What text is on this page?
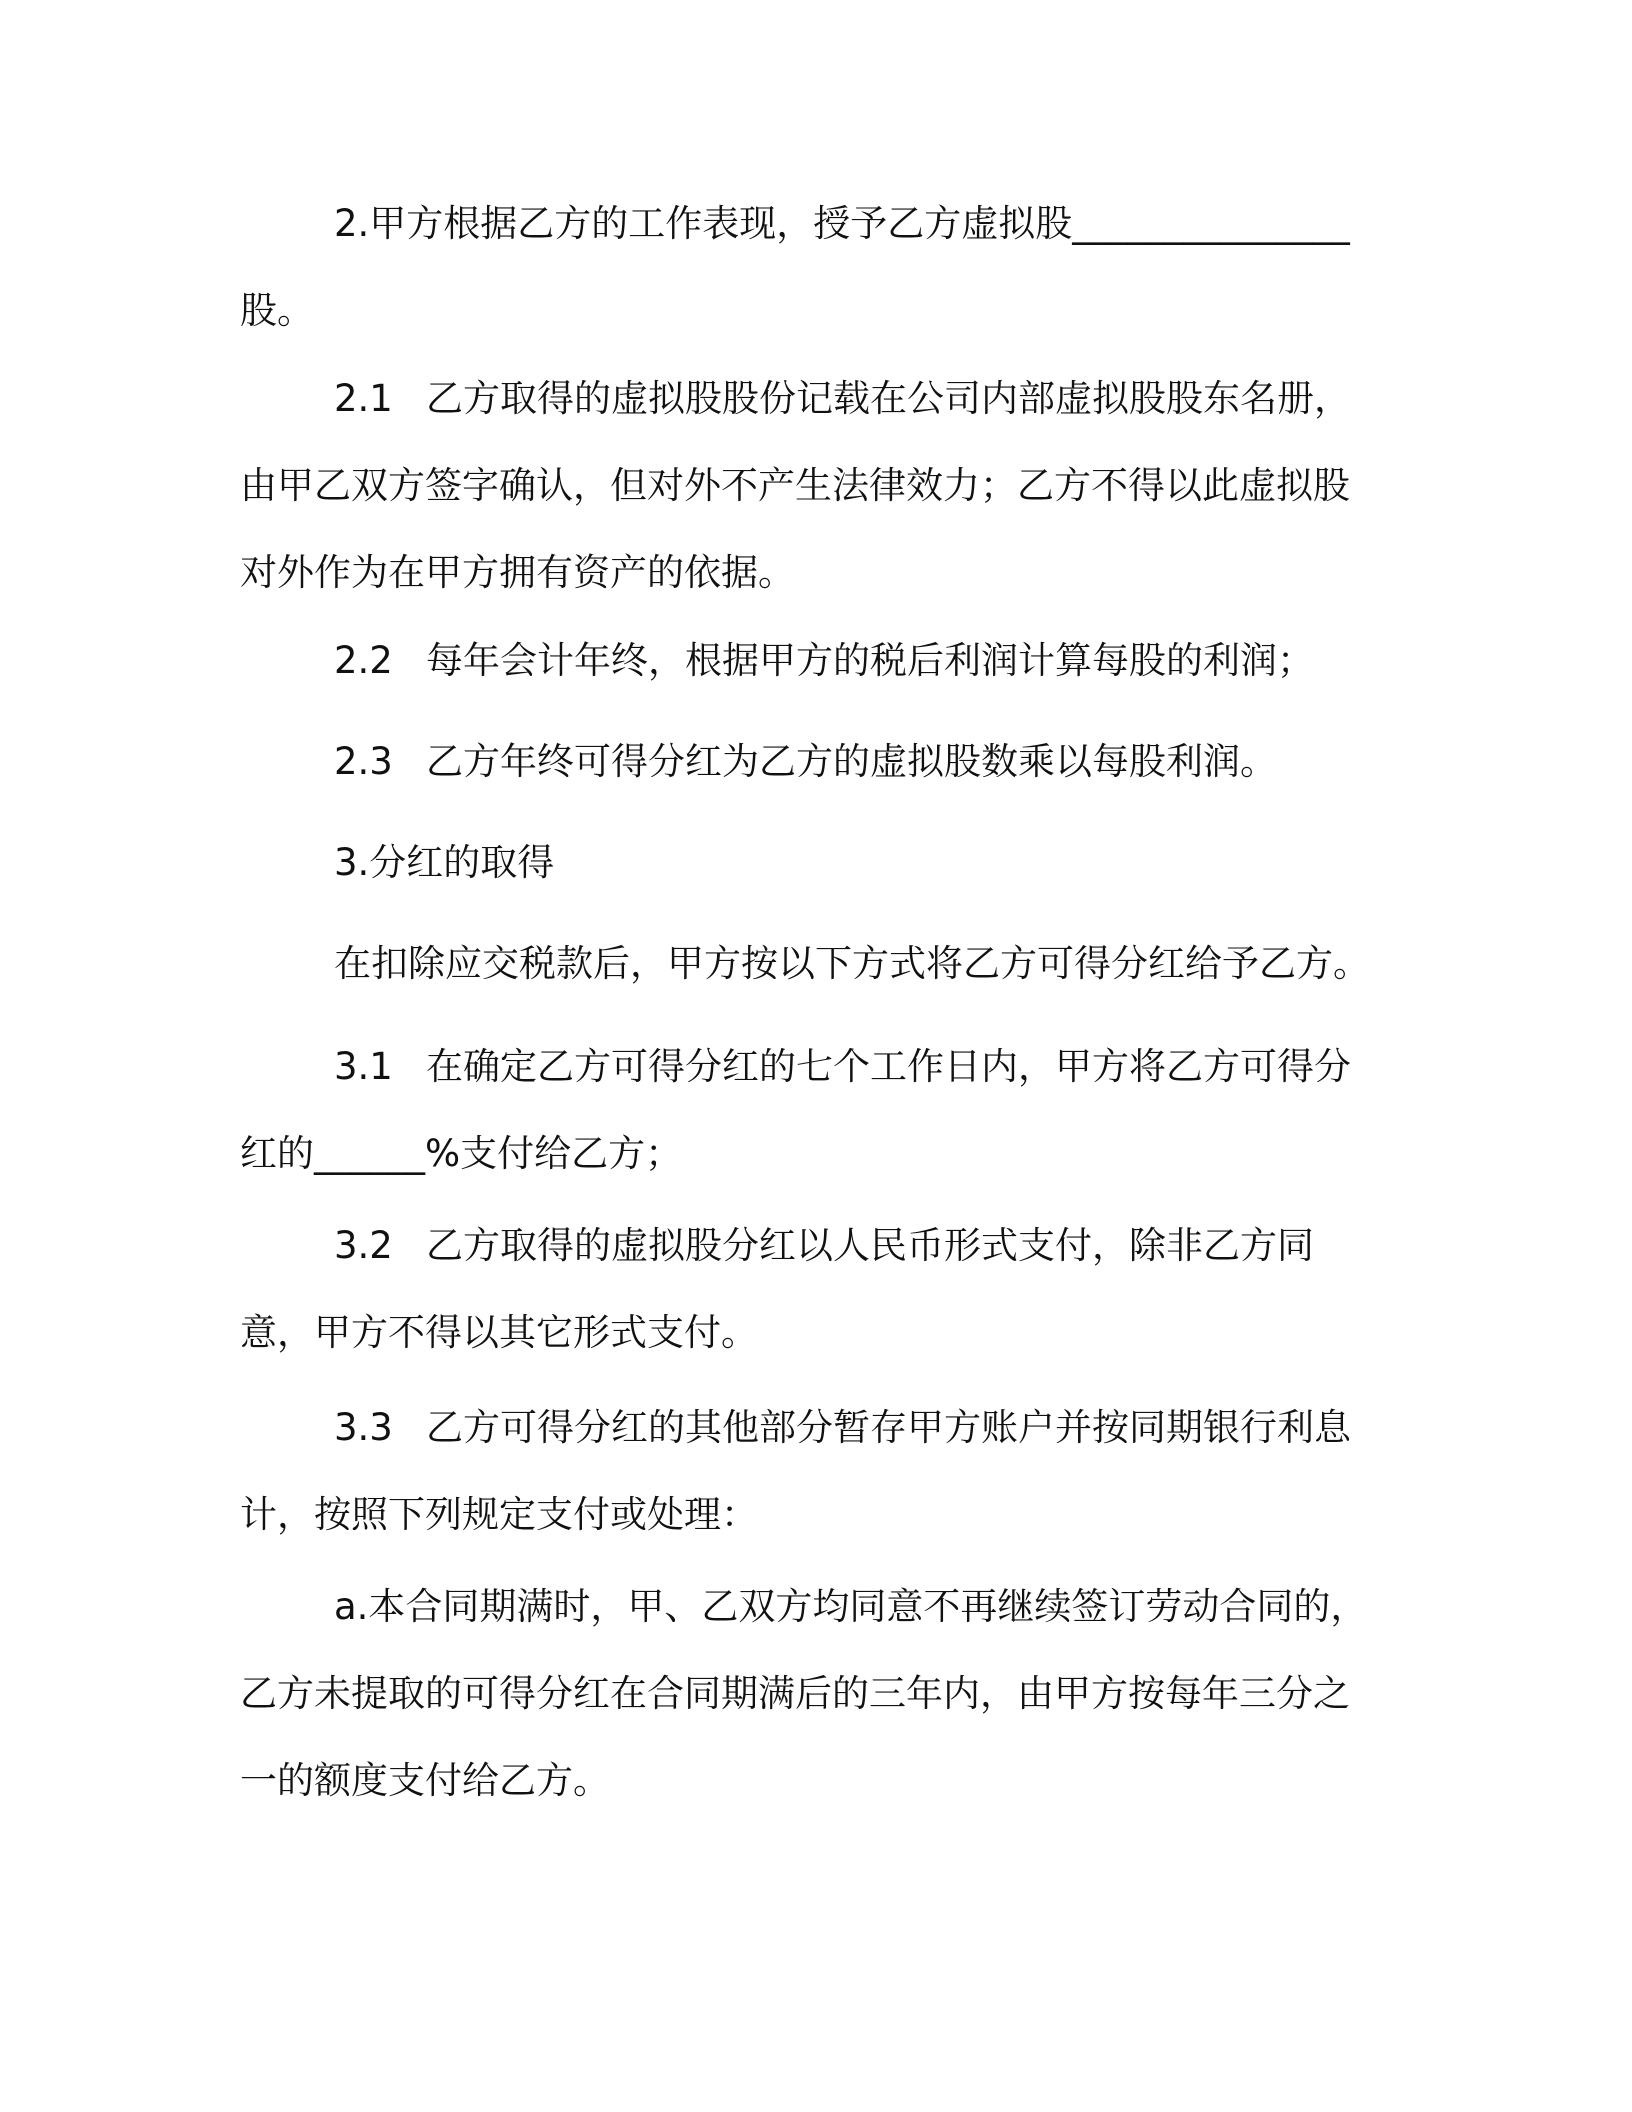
2.甲方根据乙方的工作表现，授予乙方虚拟股_______________股。

2.1 乙方取得的虚拟股股份记载在公司内部虚拟股股东名册，由甲乙双方签字确认，但对外不产生法律效力；乙方不得以此虚拟股对外作为在甲方拥有资产的依据。

2.2 每年会计年终，根据甲方的税后利润计算每股的利润；

2.3 乙方年终可得分红为乙方的虚拟股数乘以每股利润。

3.分红的取得

在扣除应交税款后，甲方按以下方式将乙方可得分红给予乙方。

3.1 在确定乙方可得分红的七个工作日内，甲方将乙方可得分红的______%支付给乙方；

3.2 乙方取得的虚拟股分红以人民币形式支付，除非乙方同意，甲方不得以其它形式支付。

3.3 乙方可得分红的其他部分暂存甲方账户并按同期银行利息计，按照下列规定支付或处理：

a.本合同期满时，甲、乙双方均同意不再继续签订劳动合同的，乙方未提取的可得分红在合同期满后的三年内，由甲方按每年三分之一的额度支付给乙方。
